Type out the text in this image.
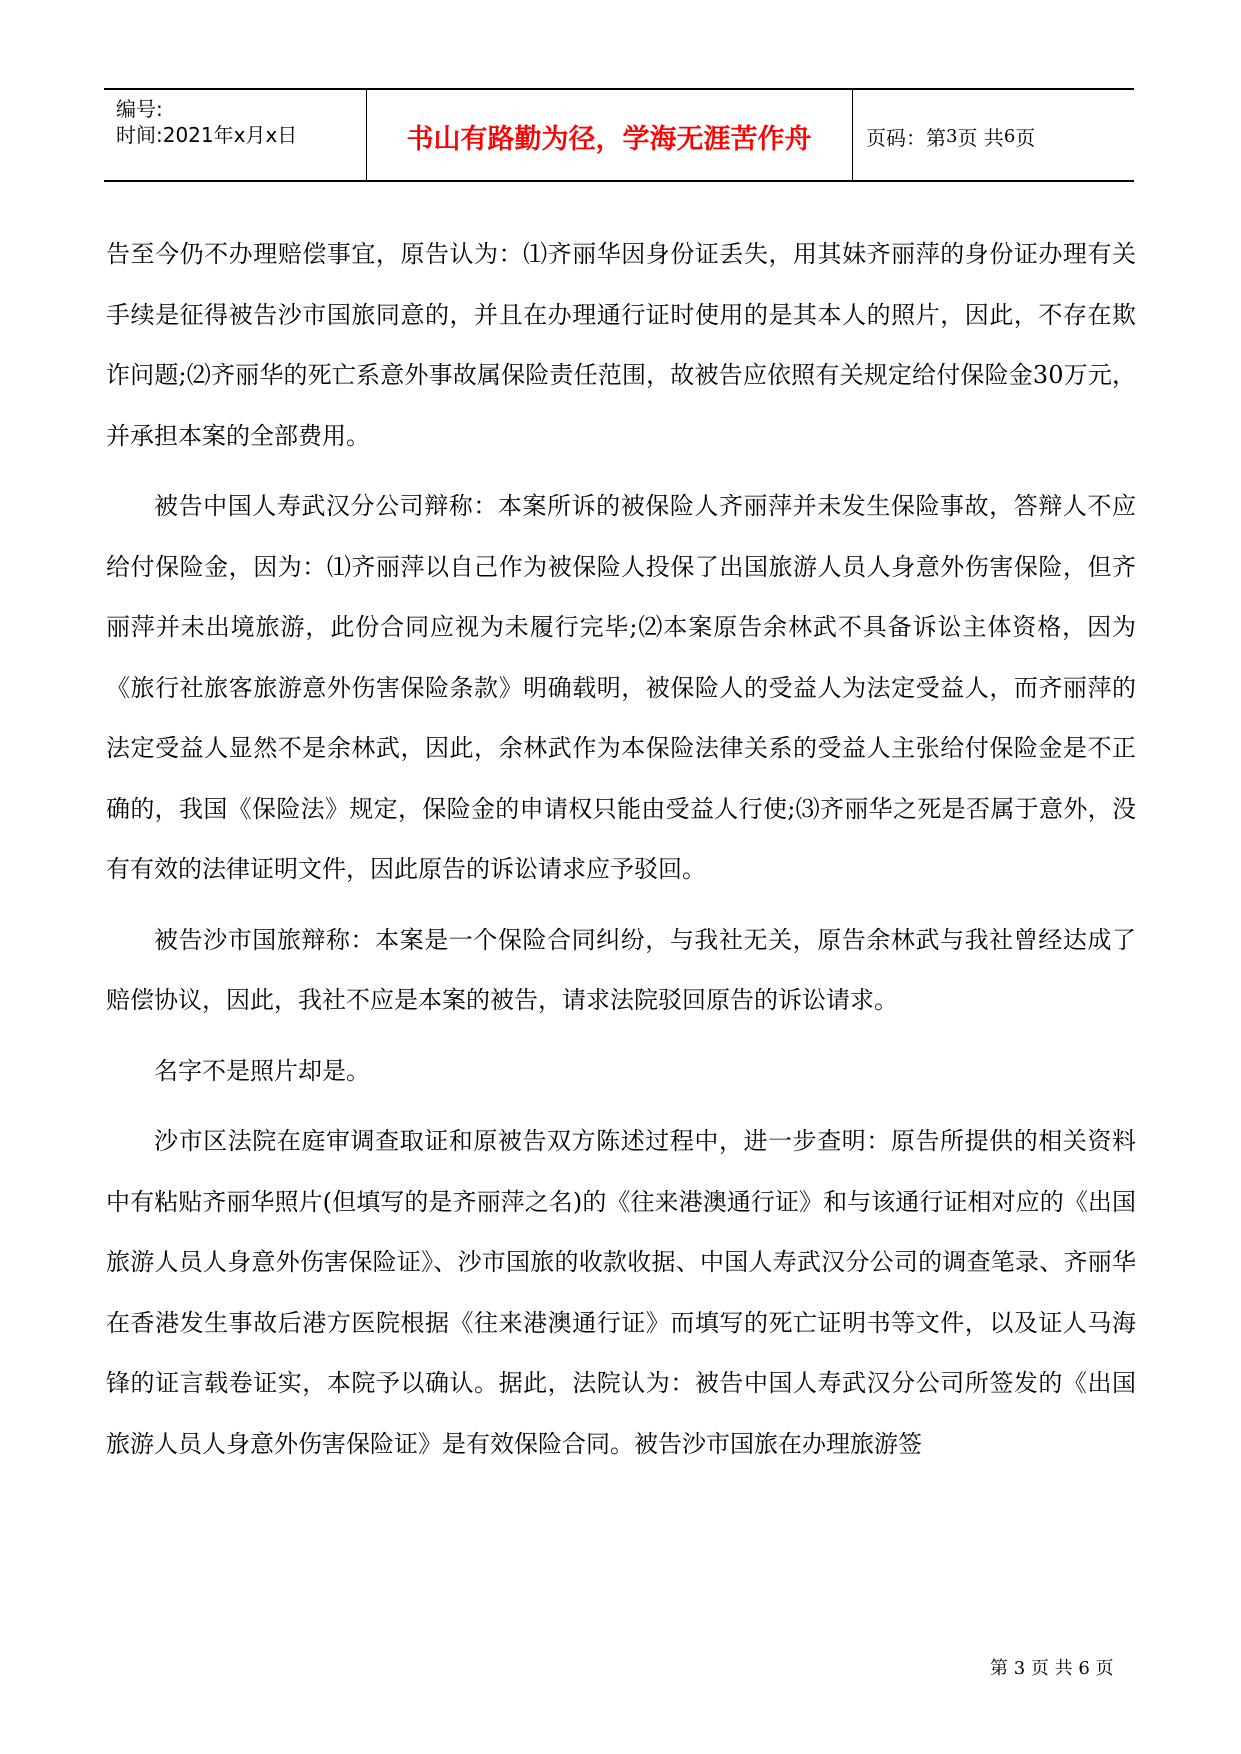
编号:
时间:2021年x月x日	书山有路勤为径，学海无涯苦作舟	页码：第 3 页 共 6 页

告至今仍不办理赔偿事宜，原告认为：⑴齐丽华因身份证丢失，用其妹齐丽萍的身份证办理有关手续是征得被告沙市国旅同意的，并且在办理通行证时使用的是其本人的照片，因此，不存在欺诈问题;⑵齐丽华的死亡系意外事故属保险责任范围，故被告应依照有关规定给付保险金30万元，并承担本案的全部费用。

被告中国人寿武汉分公司辩称：本案所诉的被保险人齐丽萍并未发生保险事故，答辩人不应给付保险金，因为：⑴齐丽萍以自己作为被保险人投保了出国旅游人员人身意外伤害保险，但齐丽萍并未出境旅游，此份合同应视为未履行完毕;⑵本案原告余林武不具备诉讼主体资格，因为《旅行社旅客旅游意外伤害保险条款》明确载明，被保险人的受益人为法定受益人，而齐丽萍的法定受益人显然不是余林武，因此，余林武作为本保险法律关系的受益人主张给付保险金是不正确的，我国《保险法》规定，保险金的申请权只能由受益人行使;⑶齐丽华之死是否属于意外，没有有效的法律证明文件，因此原告的诉讼请求应予驳回。

被告沙市国旅辩称：本案是一个保险合同纠纷，与我社无关，原告余林武与我社曾经达成了赔偿协议，因此，我社不应是本案的被告，请求法院驳回原告的诉讼请求。

名字不是照片却是。

沙市区法院在庭审调查取证和原被告双方陈述过程中，进一步查明：原告所提供的相关资料中有粘贴齐丽华照片(但填写的是齐丽萍之名)的《往来港澳通行证》和与该通行证相对应的《出国旅游人员人身意外伤害保险证》、沙市国旅的收款收据、中国人寿武汉分公司的调查笔录、齐丽华在香港发生事故后港方医院根据《往来港澳通行证》而填写的死亡证明书等文件，以及证人马海锋的证言载卷证实，本院予以确认。据此，法院认为：被告中国人寿武汉分公司所签发的《出国旅游人员人身意外伤害保险证》是有效保险合同。被告沙市国旅在办理旅游签

第 3 页 共 6 页
